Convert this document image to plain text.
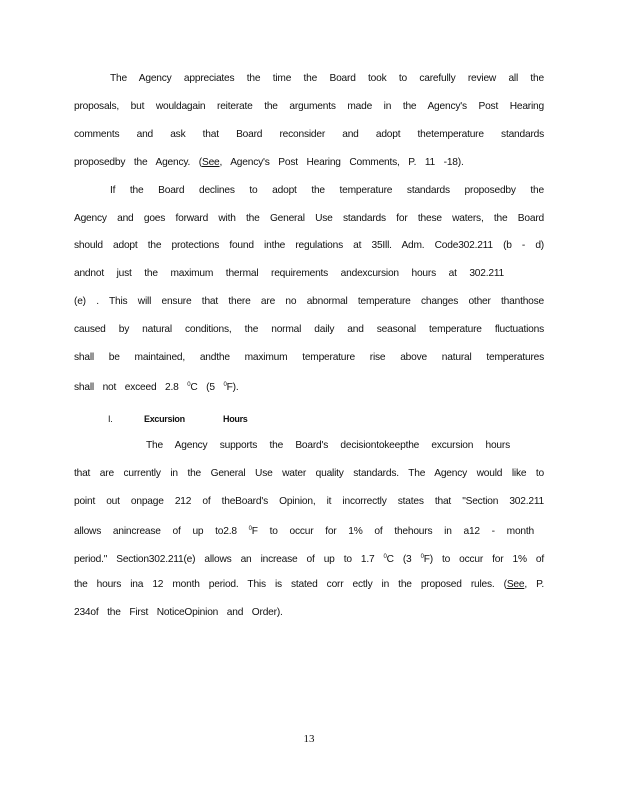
The Agency appreciates the time the Board took to carefully review all the
proposals, but wouldagain reiterate the arguments made in the Agency's Post Hearing
comments and ask that Board reconsider and adopt thetemperature standards
proposedby the Agency. (See, Agency's Post Hearing Comments, P. 11 -18).
If the Board declines to adopt the temperature standards proposedby the
Agency and goes forward with the General Use standards for these waters, the Board
should adopt the protections found inthe regulations at 35Ill. Adm. Code302.211 (b - d)
andnot just the maximum thermal requirements andexcursion hours at 302.211
(e) . This will ensure that there are no abnormal temperature changes other thanthose
caused by natural conditions, the normal daily and seasonal temperature fluctuations
shall be maintained, andthe maximum temperature rise above natural temperatures
shall not exceed 2.8 $^0$C (5 $^0$F).
I.	Excursion Hours
The Agency supports the Board's decisiontokeepthe excursion hours
that are currently in the General Use water quality standards. The Agency would like to
point out onpage 212 of theBoard's Opinion, it incorrectly states that "Section 302.211
allows anincrease of up to2.8 $^0$F to occur for 1% of thehours in a12 - month
period." Section302.211(e) allows an increase of up to 1.7 $^0$C (3 $^0$F) to occur for 1% of
the hours ina 12 month period. This is stated corr ectly in the proposed rules. (See, P.
234of the First NoticeOpinion and Order).
13
